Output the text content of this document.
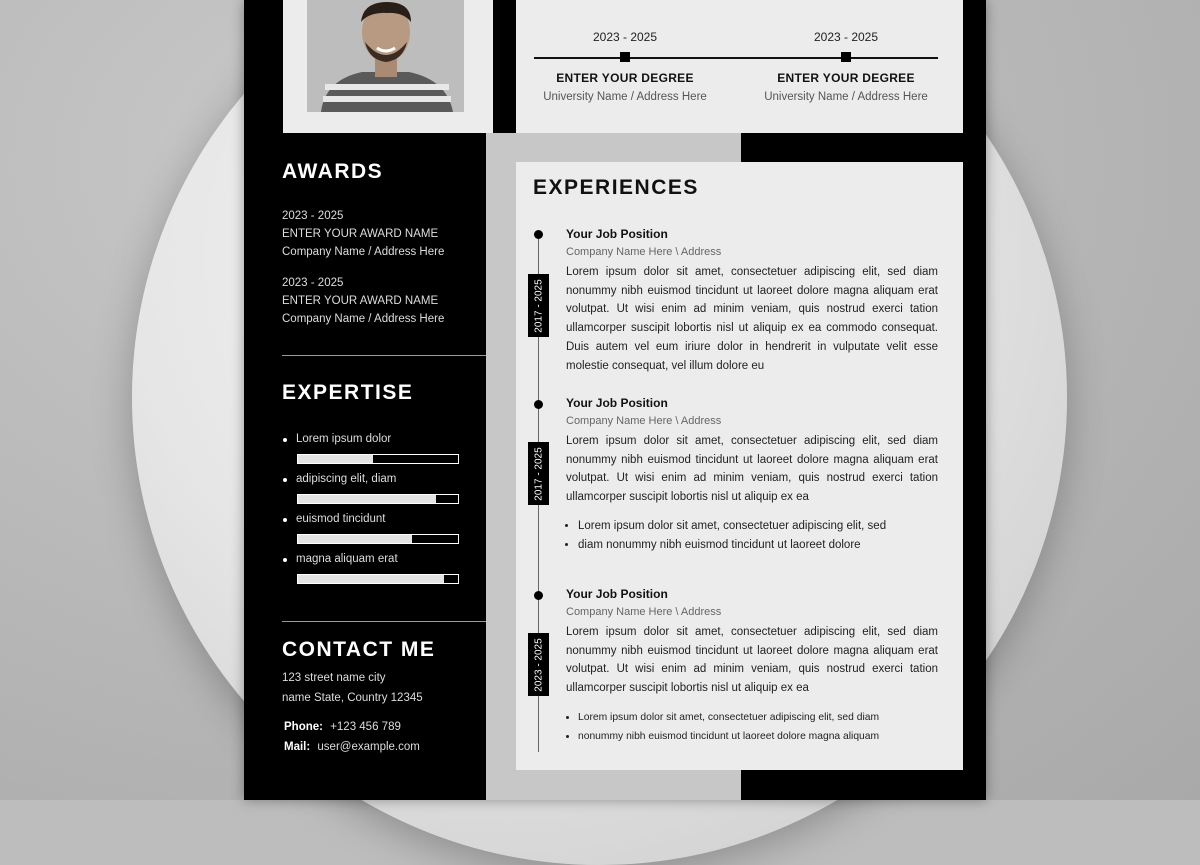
2023 - 2025
ENTER YOUR DEGREE
University Name / Address Here
2023 - 2025
ENTER YOUR DEGREE
University Name / Address Here
AWARDS
2023 - 2025
ENTER YOUR AWARD NAME
Company Name / Address Here
2023 - 2025
ENTER YOUR AWARD NAME
Company Name / Address Here
EXPERTISE
Lorem ipsum dolor
adipiscing elit, diam
euismod tincidunt
magna aliquam erat
CONTACT ME
123 street name city
name State, Country 12345
Phone: +123 456 789
Mail: user@example.com
EXPERIENCES
2017 - 2025
Your Job Position
Company Name Here \ Address
Lorem ipsum dolor sit amet, consectetuer adipiscing elit, sed diam nonummy nibh euismod tincidunt ut laoreet dolore magna aliquam erat volutpat. Ut wisi enim ad minim veniam, quis nostrud exerci tation ullamcorper suscipit lobortis nisl ut aliquip ex ea commodo consequat. Duis autem vel eum iriure dolor in hendrerit in vulputate velit esse molestie consequat, vel illum dolore eu
2017 - 2025
Your Job Position
Company Name Here \ Address
Lorem ipsum dolor sit amet, consectetuer adipiscing elit, sed diam nonummy nibh euismod tincidunt ut laoreet dolore magna aliquam erat volutpat. Ut wisi enim ad minim veniam, quis nostrud exerci tation ullamcorper suscipit lobortis nisl ut aliquip ex ea
• Lorem ipsum dolor sit amet, consectetuer adipiscing elit, sed
• diam nonummy nibh euismod tincidunt ut laoreet dolore
2023 - 2025
Your Job Position
Company Name Here \ Address
Lorem ipsum dolor sit amet, consectetuer adipiscing elit, sed diam nonummy nibh euismod tincidunt ut laoreet dolore magna aliquam erat volutpat. Ut wisi enim ad minim veniam, quis nostrud exerci tation ullamcorper suscipit lobortis nisl ut aliquip ex ea
• Lorem ipsum dolor sit amet, consectetuer adipiscing elit, sed diam
• nonummy nibh euismod tincidunt ut laoreet dolore magna aliquam
